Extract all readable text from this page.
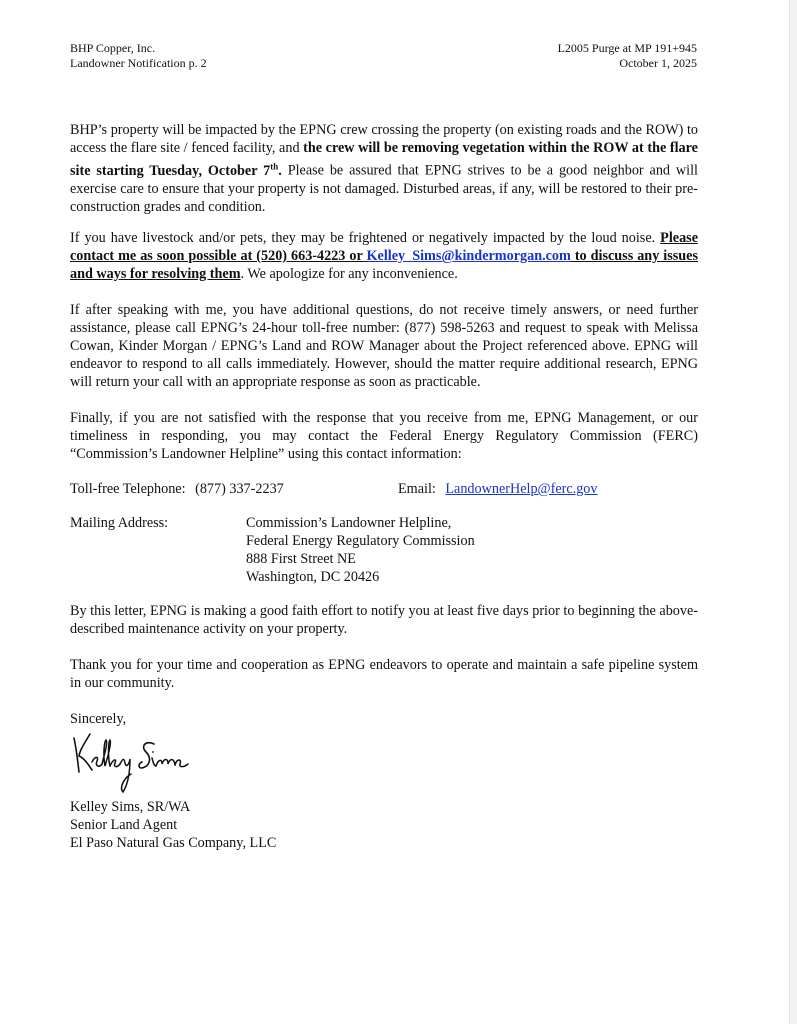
BHP Copper, Inc.
Landowner Notification p. 2
L2005 Purge at MP 191+945
October 1, 2025
BHP’s property will be impacted by the EPNG crew crossing the property (on existing roads and the ROW) to access the flare site / fenced facility, and the crew will be removing vegetation within the ROW at the flare site starting Tuesday, October 7th. Please be assured that EPNG strives to be a good neighbor and will exercise care to ensure that your property is not damaged. Disturbed areas, if any, will be restored to their pre-construction grades and condition.
If you have livestock and/or pets, they may be frightened or negatively impacted by the loud noise. Please contact me as soon possible at (520) 663-4223 or Kelley_Sims@kindermorgan.com to discuss any issues and ways for resolving them. We apologize for any inconvenience.
If after speaking with me, you have additional questions, do not receive timely answers, or need further assistance, please call EPNG’s 24-hour toll-free number: (877) 598-5263 and request to speak with Melissa Cowan, Kinder Morgan / EPNG’s Land and ROW Manager about the Project referenced above. EPNG will endeavor to respond to all calls immediately. However, should the matter require additional research, EPNG will return your call with an appropriate response as soon as practicable.
Finally, if you are not satisfied with the response that you receive from me, EPNG Management, or our timeliness in responding, you may contact the Federal Energy Regulatory Commission (FERC) “Commission’s Landowner Helpline” using this contact information:
Toll-free Telephone: (877) 337-2237	Email: LandownerHelp@ferc.gov
Mailing Address:	Commission’s Landowner Helpline,
Federal Energy Regulatory Commission
888 First Street NE
Washington, DC 20426
By this letter, EPNG is making a good faith effort to notify you at least five days prior to beginning the above-described maintenance activity on your property.
Thank you for your time and cooperation as EPNG endeavors to operate and maintain a safe pipeline system in our community.
Sincerely,
Kelley Sims, SR/WA
Senior Land Agent
El Paso Natural Gas Company, LLC
